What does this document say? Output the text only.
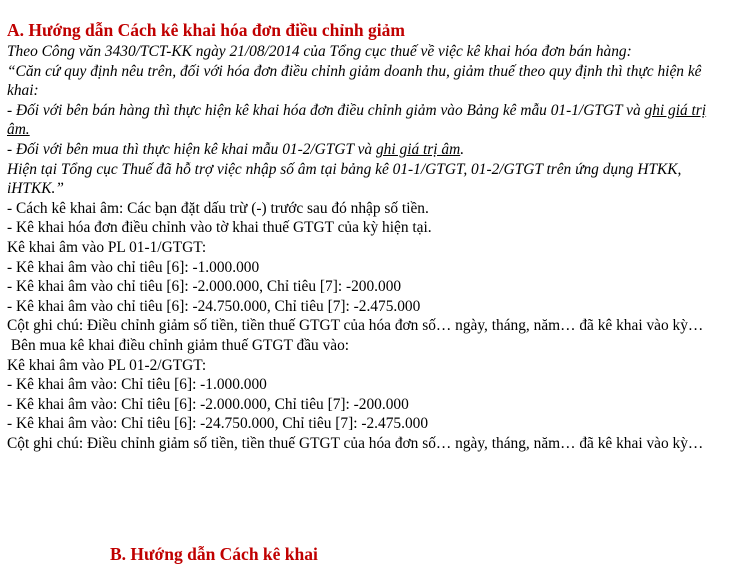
A. Hướng dẫn Cách kê khai hóa đơn điều chỉnh giảm
Theo Công văn 3430/TCT-KK ngày 21/08/2014 của Tổng cục thuế về việc kê khai hóa đơn bán hàng:
“Căn cứ quy định nêu trên, đối với hóa đơn điều chỉnh giảm doanh thu, giảm thuế theo quy định thì thực hiện kê khai:
- Đối với bên bán hàng thì thực hiện kê khai hóa đơn điều chỉnh giảm vào Bảng kê mẫu 01-1/GTGT và ghi giá trị âm.
- Đối với bên mua thì thực hiện kê khai mẫu 01-2/GTGT và ghi giá trị âm.
Hiện tại Tổng cục Thuế đã hỗ trợ việc nhập số âm tại bảng kê 01-1/GTGT, 01-2/GTGT trên ứng dụng HTKK, iHTKK.”
- Cách kê khai âm: Các bạn đặt dấu trừ (-) trước sau đó nhập số tiền.
- Kê khai hóa đơn điều chỉnh vào tờ khai thuế GTGT của kỳ hiện tại.
Kê khai âm vào PL 01-1/GTGT:
- Kê khai âm vào chỉ tiêu [6]: -1.000.000
- Kê khai âm vào chỉ tiêu [6]: -2.000.000, Chỉ tiêu [7]: -200.000
- Kê khai âm vào chỉ tiêu [6]: -24.750.000, Chỉ tiêu [7]: -2.475.000
Cột ghi chú: Điều chỉnh giảm số tiền, tiền thuế GTGT của hóa đơn số… ngày, tháng, năm… đã kê khai vào kỳ…
Bên mua kê khai điều chỉnh giảm thuế GTGT đầu vào:
Kê khai âm vào PL 01-2/GTGT:
- Kê khai âm vào: Chỉ tiêu [6]: -1.000.000
- Kê khai âm vào: Chỉ tiêu [6]: -2.000.000, Chỉ tiêu [7]: -200.000
- Kê khai âm vào: Chỉ tiêu [6]: -24.750.000, Chỉ tiêu [7]: -2.475.000
Cột ghi chú: Điều chỉnh giảm số tiền, tiền thuế GTGT của hóa đơn số… ngày, tháng, năm… đã kê khai vào kỳ…
B. Hướng dẫn Cách kê khai
